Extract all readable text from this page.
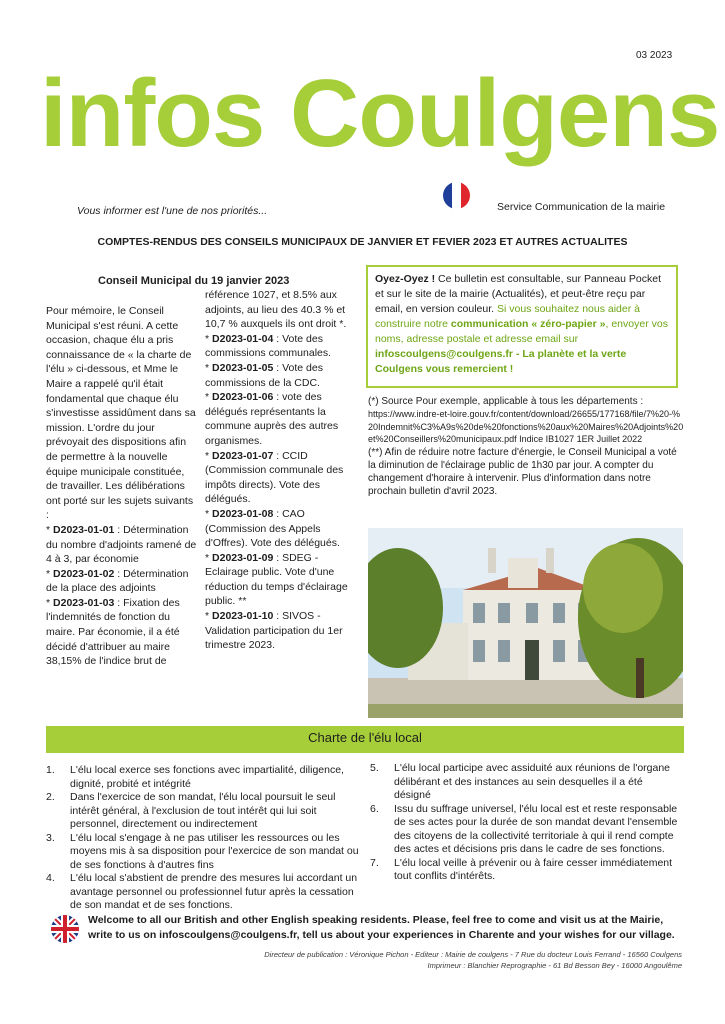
03 2023
infos Coulgens
Vous informer est l'une de nos priorités...	Service Communication de la mairie
COMPTES-RENDUS DES CONSEILS MUNICIPAUX DE JANVIER ET FEVIER 2023 ET AUTRES ACTUALITES
Conseil Municipal du 19 janvier 2023

Pour mémoire, le Conseil Municipal s'est réuni. A cette occasion, chaque élu a pris connaissance de « la charte de l'élu » ci-dessous, et Mme le Maire a rappelé qu'il était fondamental que chaque élu s'investisse assidûment dans sa mission. L'ordre du jour prévoyait des dispositions afin de permettre à la nouvelle équipe municipale constituée, de travailler. Les délibérations ont porté sur les sujets suivants :

* D2023-01-01 : Détermination du nombre d'adjoints ramené de 4 à 3, par économie

* D2023-01-02 : Détermination de la place des adjoints

* D2023-01-03 : Fixation des l'indemnités de fonction du maire. Par économie, il a été décidé d'attribuer au maire 38,15% de l'indice brut de

référence 1027, et 8.5% aux adjoints, au lieu des 40.3 % et 10,7 % auxquels ils ont droit *.

* D2023-01-04 : Vote des commissions communales.

* D2023-01-05 : Vote des commissions de la CDC.

* D2023-01-06 : vote des délégués représentants la commune auprès des autres organismes.

* D2023-01-07 : CCID (Commission communale des impôts directs). Vote des délégués.

* D2023-01-08 : CAO (Commission des Appels d'Offres). Vote des délégués.

* D2023-01-09 : SDEG - Eclairage public. Vote d'une réduction du temps d'éclairage public. **

* D2023-01-10 : SIVOS - Validation participation du 1er trimestre 2023.

Oyez-Oyez ! Ce bulletin est consultable, sur Panneau Pocket et sur le site de la mairie (Actualités), et peut-être reçu par email, en version couleur. Si vous souhaitez nous aider à construire notre communication « zéro-papier », envoyer vos noms, adresse postale et adresse email sur infoscoulgens@coulgens.fr - La planète et la verte Coulgens vous remercient !
(*) Source Pour exemple, applicable à tous les départements :
https://www.indre-et-loire.gouv.fr/content/download/26655/177168/file/7%20-%20Indemnit%C3%A9s%20de%20fonctions%20aux%20Maires%20Adjoints%20et%20Conseillers%20municipaux.pdf Indice IB1027 1ER Juillet 2022
(**) Afin de réduire notre facture d'énergie, le Conseil Municipal a voté la diminution de l'éclairage public de 1h30 par jour. A compter du changement d'horaire à intervenir. Plus d'information dans notre prochain bulletin d'avril 2023.
Charte de l'élu local
1. L'élu local exerce ses fonctions avec impartialité, diligence, dignité, probité et intégrité
2. Dans l'exercice de son mandat, l'élu local poursuit le seul intérêt général, à l'exclusion de tout intérêt qui lui soit personnel, directement ou indirectement
3. L'élu local s'engage à ne pas utiliser les ressources ou les moyens mis à sa disposition pour l'exercice de son mandat ou de ses fonctions à d'autres fins
4. L'élu local s'abstient de prendre des mesures lui accordant un avantage personnel ou professionnel futur après la cessation de son mandat et de ses fonctions.
5. L'élu local participe avec assiduité aux réunions de l'organe délibérant et des instances au sein desquelles il a été désigné
6. Issu du suffrage universel, l'élu local est et reste responsable de ses actes pour la durée de son mandat devant l'ensemble des citoyens de la collectivité territoriale à qui il rend compte des actes et décisions pris dans le cadre de ses fonctions.
7. L'élu local veille à prévenir ou à faire cesser immédiatement tout conflits d'intérêts.
Welcome to all our British and other English speaking residents. Please, feel free to come and visit us at the Mairie, write to us on infoscoulgens@coulgens.fr, tell us about your experiences in Charente and your wishes for our village.
Directeur de publication : Véronique Pichon - Editeur : Mairie de coulgens - 7 Rue du docteur Louis Ferrand - 16560 Coulgens
Imprimeur : Blanchier Reprographie - 61 Bd Besson Bey - 16000 Angoulême
